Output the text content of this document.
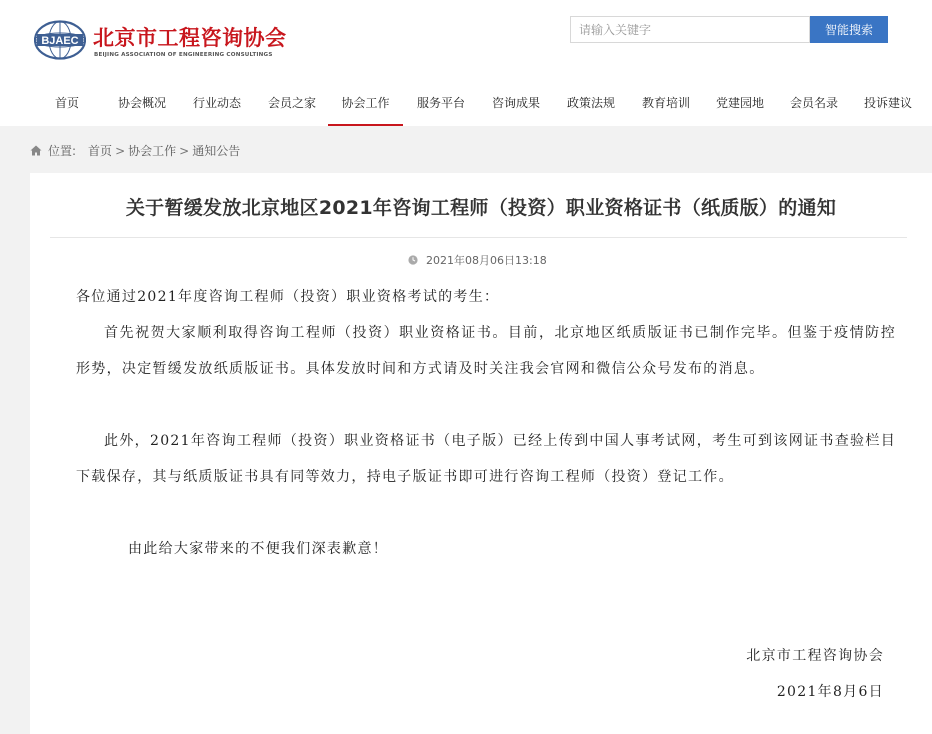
BJAEC 北京市工程咨询协会
BEIJING ASSOCIATION OF ENGINEERING CONSULTINGS
请输入关键字
智能搜索
首页	协会概况	行业动态	会员之家	协会工作	服务平台	咨询成果	政策法规	教育培训	党建园地	会员名录	投诉建议
位置: 首页 > 协会工作 > 通知公告
关于暂缓发放北京地区2021年咨询工程师（投资）职业资格证书（纸质版）的通知
2021年08月06日13:18

各位通过2021年度咨询工程师（投资）职业资格考试的考生：

首先祝贺大家顺利取得咨询工程师（投资）职业资格证书。目前，北京地区纸质版证书已制作完毕。但鉴于疫情防控形势，决定暂缓发放纸质版证书。具体发放时间和方式请及时关注我会官网和微信公众号发布的消息。

此外，2021年咨询工程师（投资）职业资格证书（电子版）已经上传到中国人事考试网，考生可到该网证书查验栏目下载保存，其与纸质版证书具有同等效力，持电子版证书即可进行咨询工程师（投资）登记工作。

由此给大家带来的不便我们深表歉意！

北京市工程咨询协会
2021年8月6日
